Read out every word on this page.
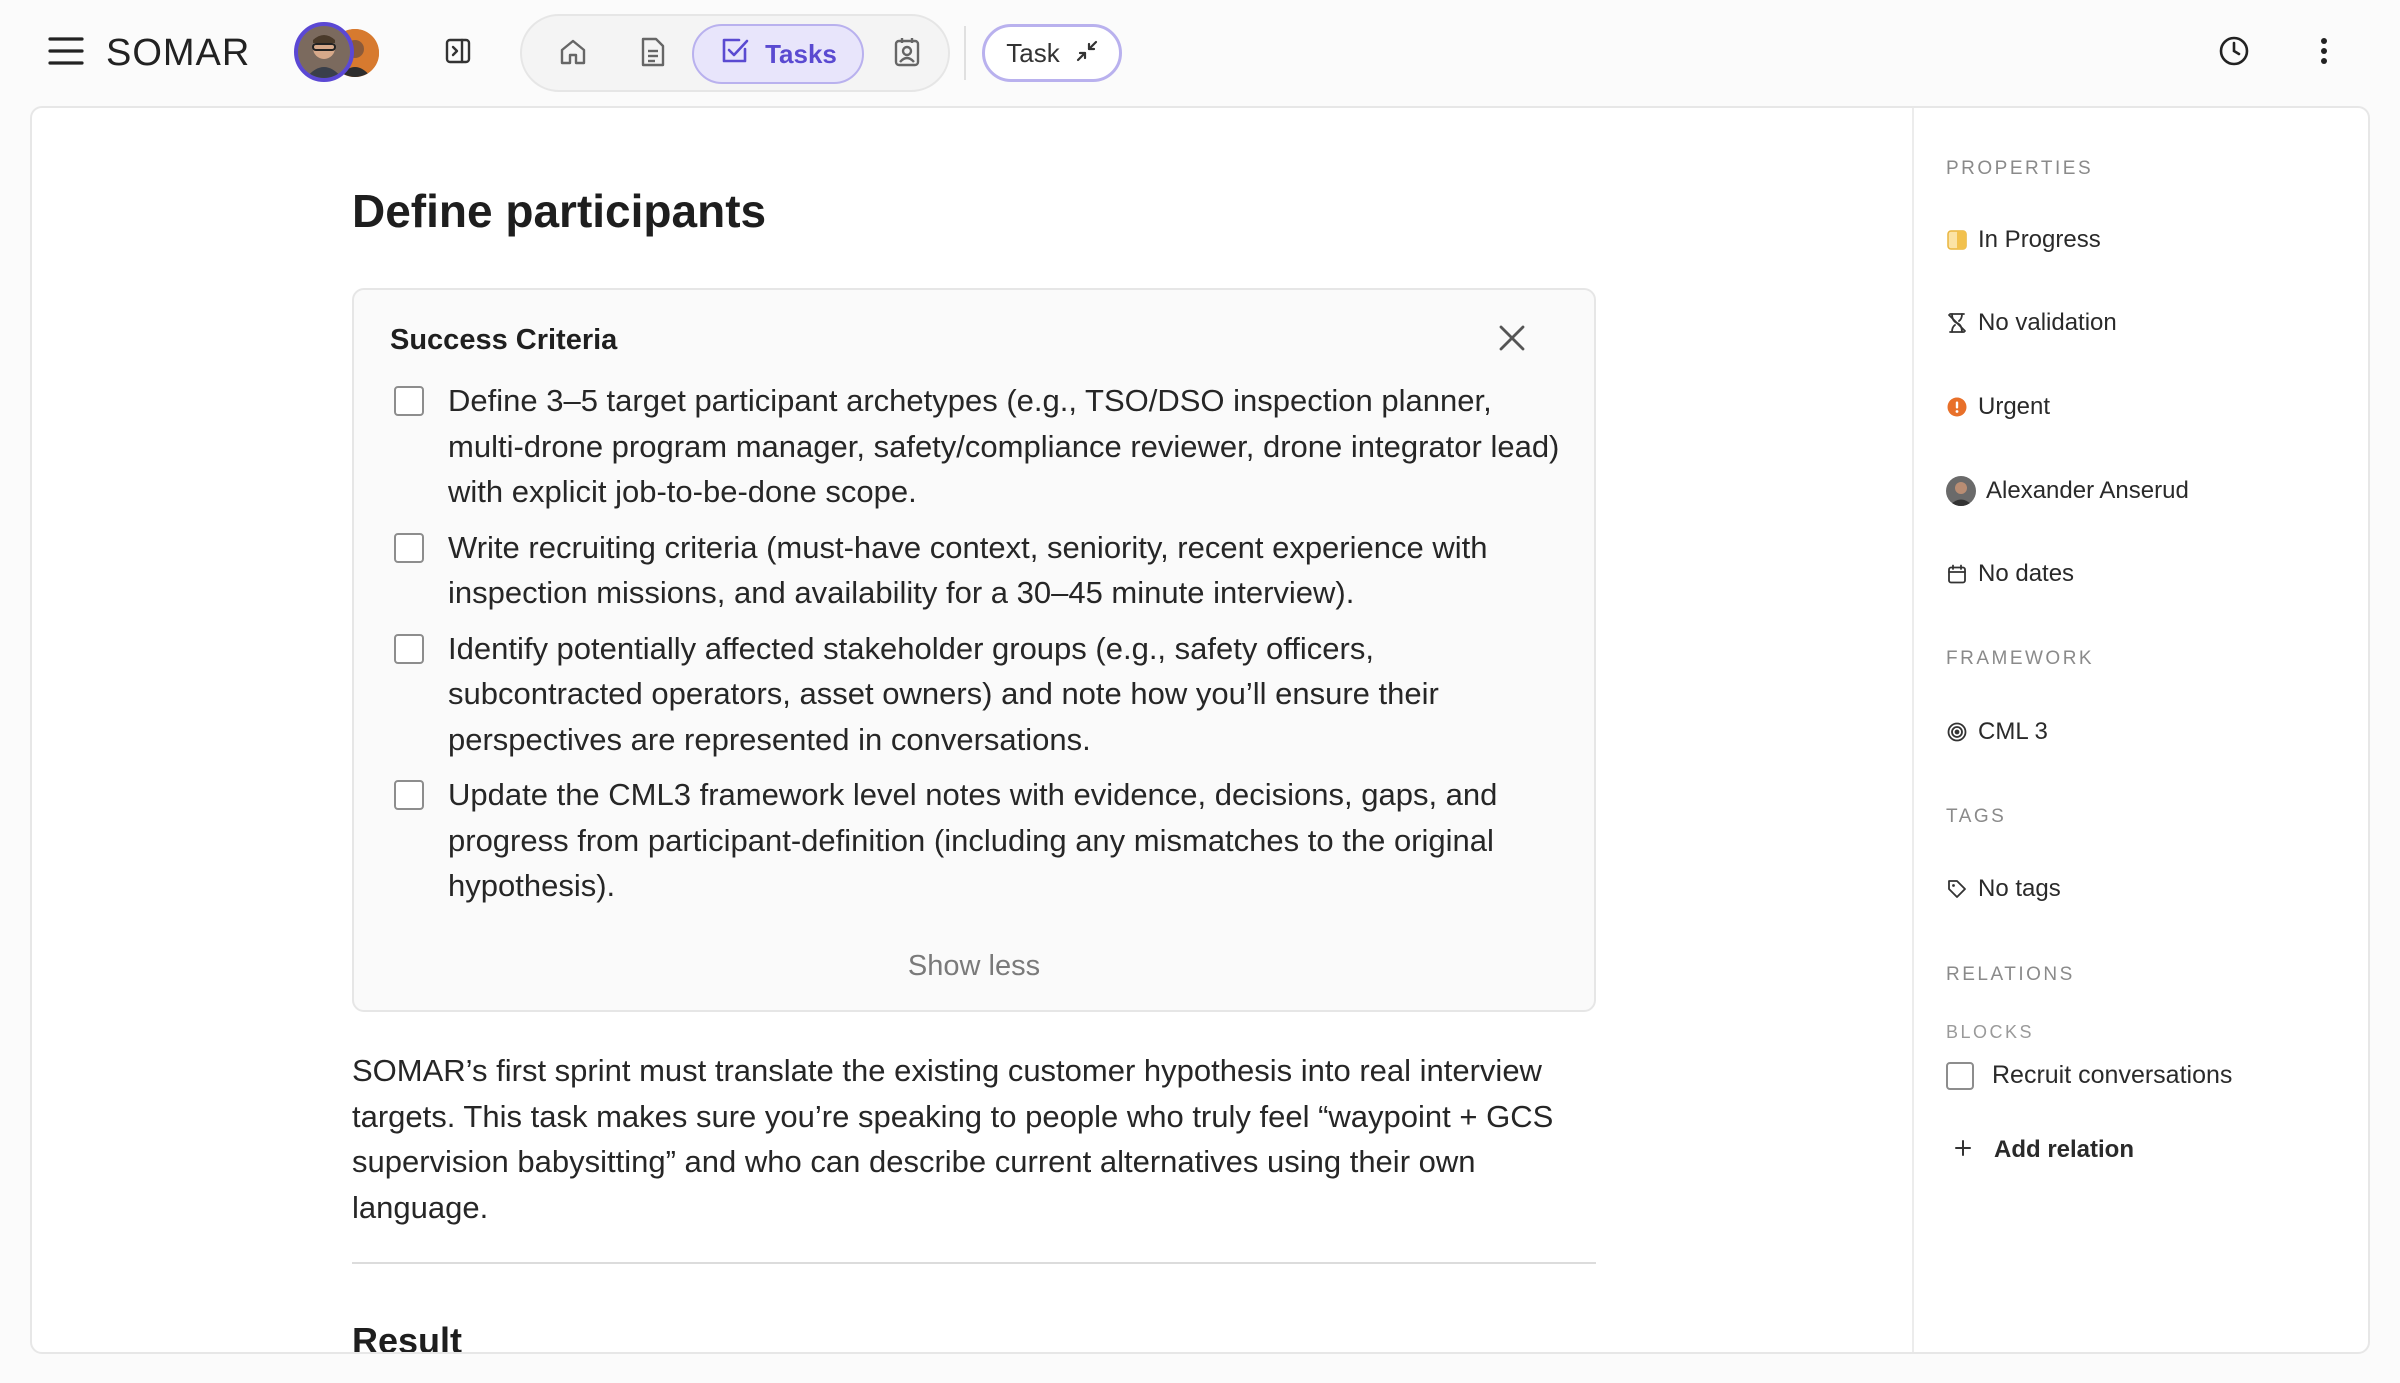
SOMAR	Tasks	Task
Define participants
Success Criteria
Define 3–5 target participant archetypes (e.g., TSO/DSO inspection planner, multi-drone program manager, safety/compliance reviewer, drone integrator lead) with explicit job-to-be-done scope.
Write recruiting criteria (must-have context, seniority, recent experience with inspection missions, and availability for a 30–45 minute interview).
Identify potentially affected stakeholder groups (e.g., safety officers, subcontracted operators, asset owners) and note how you’ll ensure their perspectives are represented in conversations.
Update the CML3 framework level notes with evidence, decisions, gaps, and progress from participant-definition (including any mismatches to the original hypothesis).
Show less

SOMAR’s first sprint must translate the existing customer hypothesis into real interview targets. This task makes sure you’re speaking to people who truly feel “waypoint + GCS supervision babysitting” and who can describe current alternatives using their own language.

Result
PROPERTIES
In Progress
No validation
Urgent
Alexander Anserud
No dates
FRAMEWORK
CML 3
TAGS
No tags
RELATIONS
BLOCKS
Recruit conversations
Add relation
